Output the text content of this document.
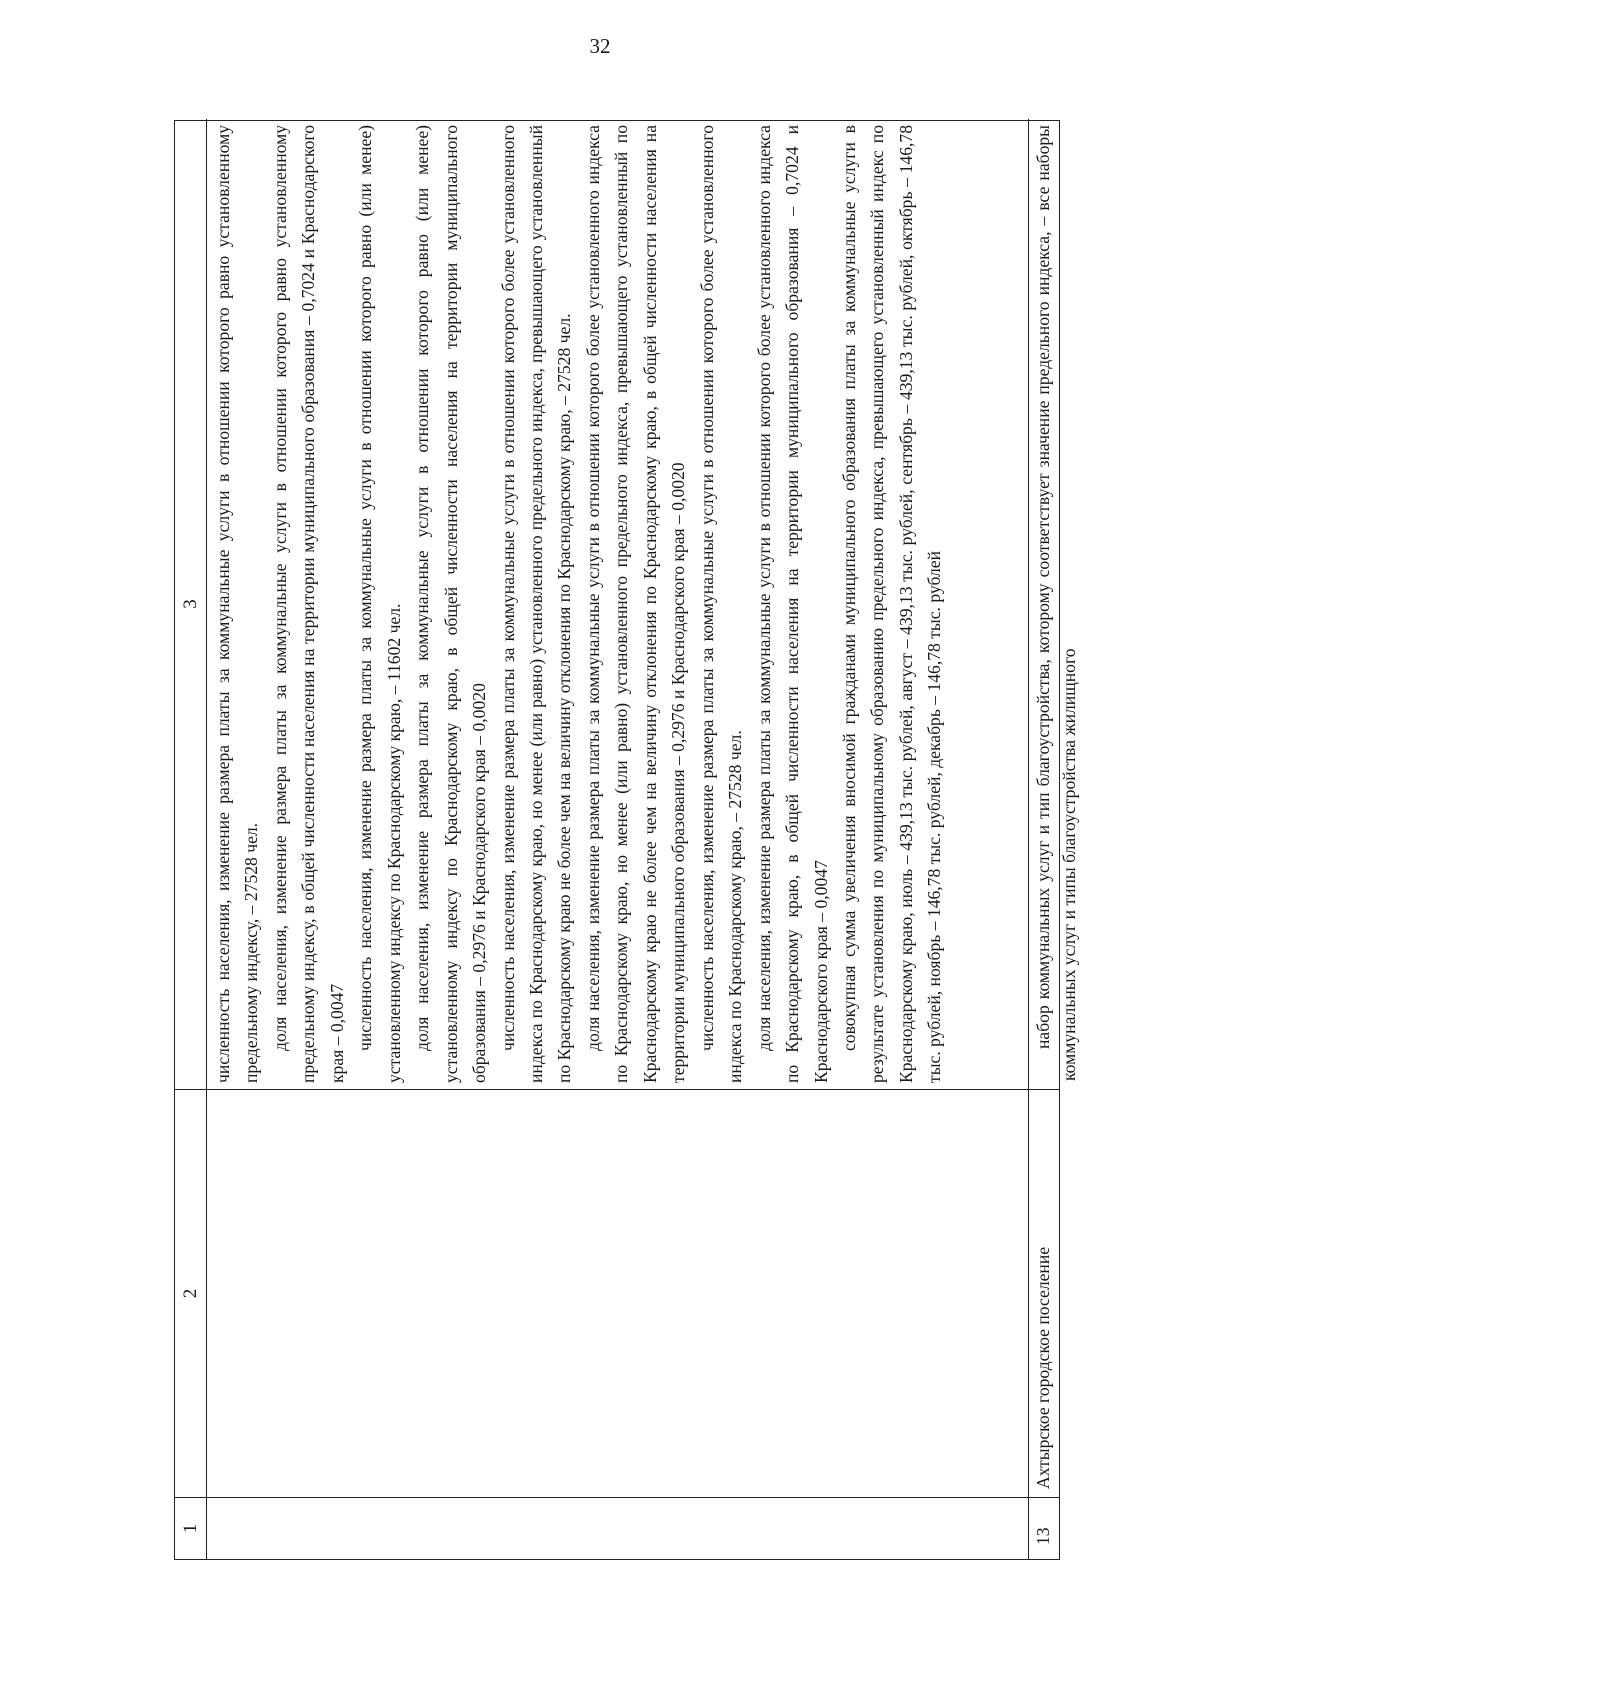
32
1
2
3 численность населения, изменение размера платы за коммунальные услуги в отношении которого равно установленному предельному индексу, – 27528 чел. доля населения, изменение размера платы за коммунальные услуги в отношении которого равно установленному предельному индексу, в общей численности населения на территории муниципального образования – 0,7024 и Краснодарского края – 0,0047 численность населения, изменение размера платы за коммунальные услуги в отношении которого равно (или менее) установленному индексу по Краснодарскому краю, – 11602 чел. доля населения, изменение размера платы за коммунальные услуги в отношении которого равно (или менее) установленному индексу по Краснодарскому краю, в общей численности населения на территории муниципального образования – 0,2976 и Краснодарского края – 0,0020 численность населения, изменение размера платы за коммунальные услуги в отношении которого более установленного индекса по Краснодарскому краю, но менее (или равно) установленного предельного индекса, превышающего установленный по Краснодарскому краю не более чем на величину отклонения по Краснодарскому краю, – 27528 чел. доля населения, изменение размера платы за коммунальные услуги в отношении которого более установленного индекса по Краснодарскому краю, но менее (или равно) установленного предельного индекса, превышающего установленный по Краснодарскому краю не более чем на величину отклонения по Краснодарскому краю, в общей численности населения на территории муниципального образования – 0,2976 и Краснодарского края – 0,0020 численность населения, изменение размера платы за коммунальные услуги в отношении которого более установленного индекса по Краснодарскому краю, – 27528 чел. доля населения, изменение размера платы за коммунальные услуги в отношении которого более установленного индекса по Краснодарскому краю, в общей численности населения на территории муниципального образования – 0,7024 и Краснодарского края – 0,0047 совокупная сумма увеличения вносимой гражданами муниципального образования платы за коммунальные услуги в результате установления по муниципальному образованию предельного индекса, превышающего установленный индекс по Краснодарскому краю, июль – 439,13 тыс. рублей, август – 439,13 тыс. рублей, сентябрь – 439,13 тыс. рублей, октябрь – 146,78 тыс. рублей, ноябрь – 146,78 тыс. рублей, декабрь – 146,78 тыс. рублей

13
Ахтырское городское поселение
набор коммунальных услуг и тип благоустройства, которому соответствует значение предельного индекса, – все наборы коммунальных услуг и типы благоустройства жилищного
